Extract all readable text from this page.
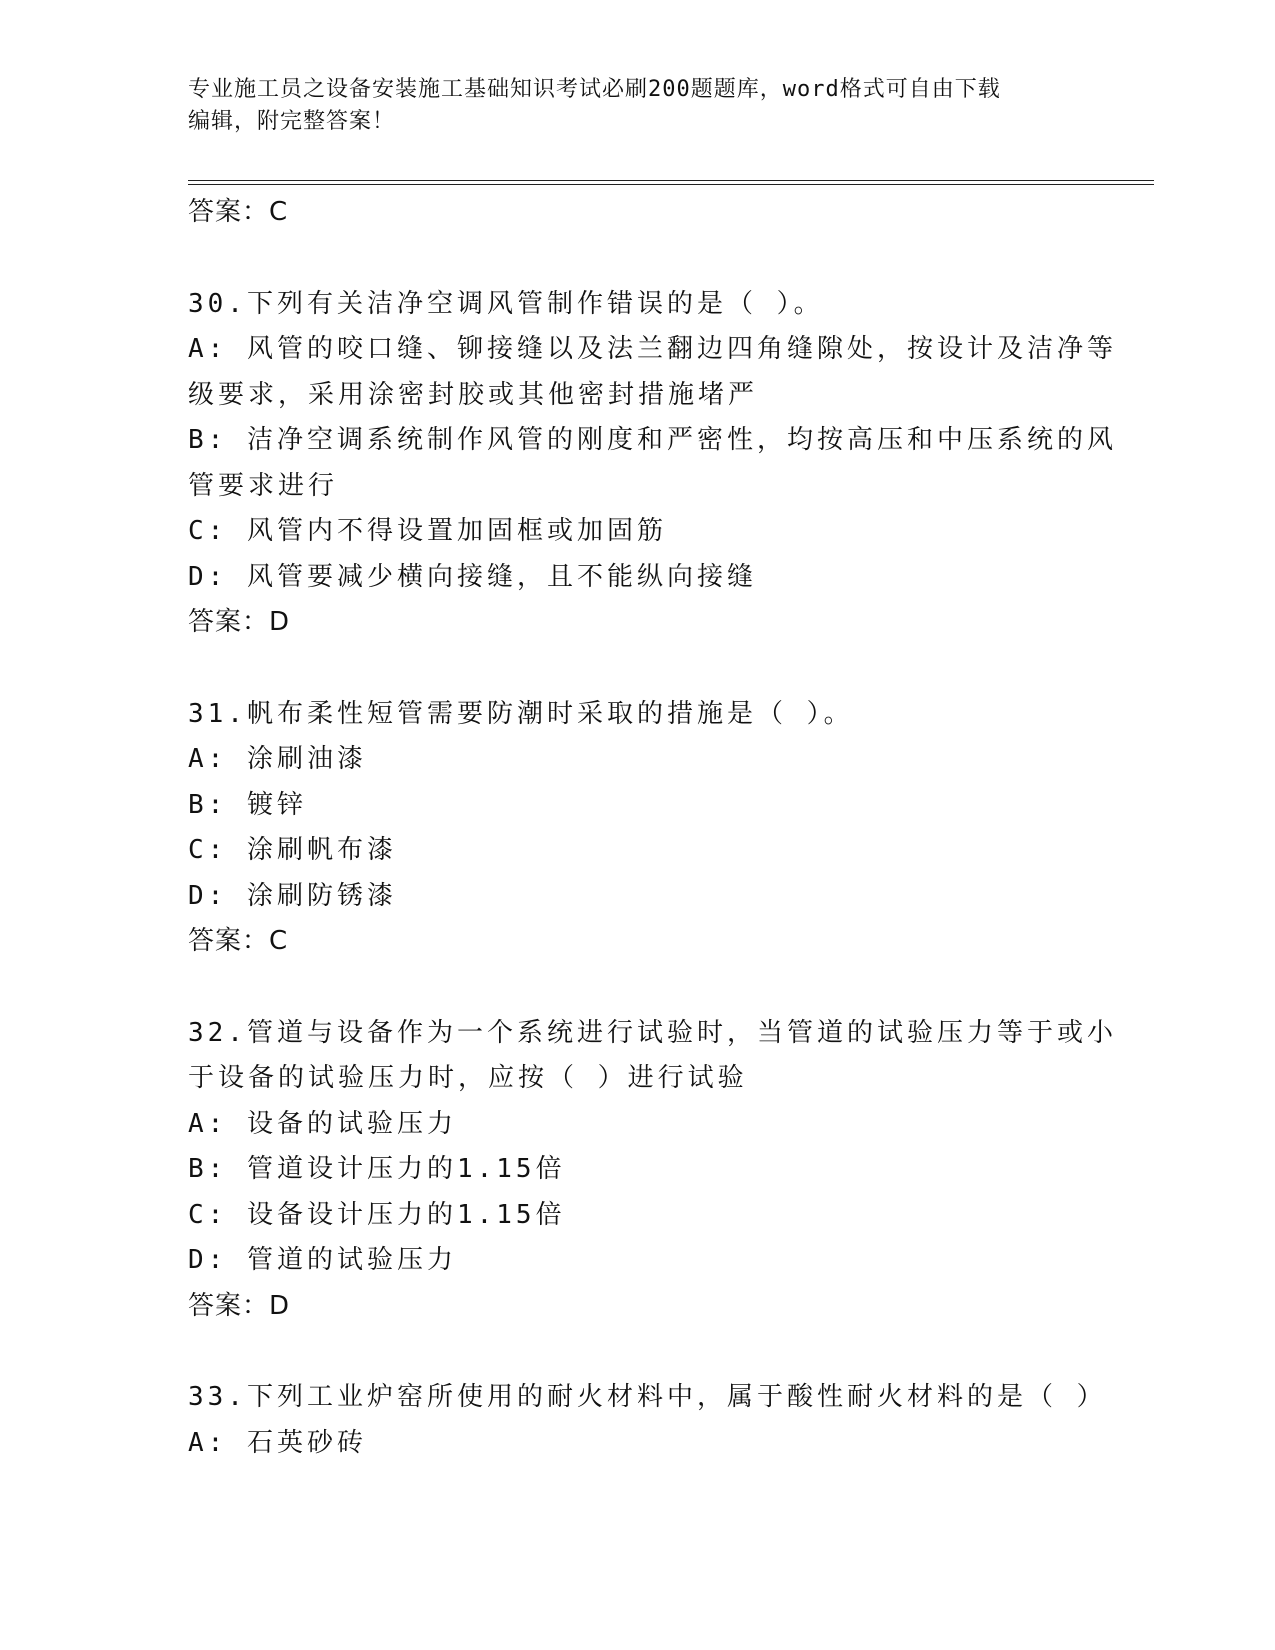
专业施工员之设备安装施工基础知识考试必刷200题题库，word格式可自由下载
编辑，附完整答案！
答案：C
30.下列有关洁净空调风管制作错误的是（ ）。
A: 风管的咬口缝、铆接缝以及法兰翻边四角缝隙处，按设计及洁净等
级要求，采用涂密封胶或其他密封措施堵严
B: 洁净空调系统制作风管的刚度和严密性，均按高压和中压系统的风
管要求进行
C: 风管内不得设置加固框或加固筋
D: 风管要减少横向接缝，且不能纵向接缝
答案：D
31.帆布柔性短管需要防潮时采取的措施是（ ）。
A: 涂刷油漆
B: 镀锌
C: 涂刷帆布漆
D: 涂刷防锈漆
答案：C
32.管道与设备作为一个系统进行试验时，当管道的试验压力等于或小
于设备的试验压力时，应按（ ）进行试验
A: 设备的试验压力
B: 管道设计压力的1.15倍
C: 设备设计压力的1.15倍
D: 管道的试验压力
答案：D
33.下列工业炉窑所使用的耐火材料中，属于酸性耐火材料的是（ ）
A: 石英砂砖
